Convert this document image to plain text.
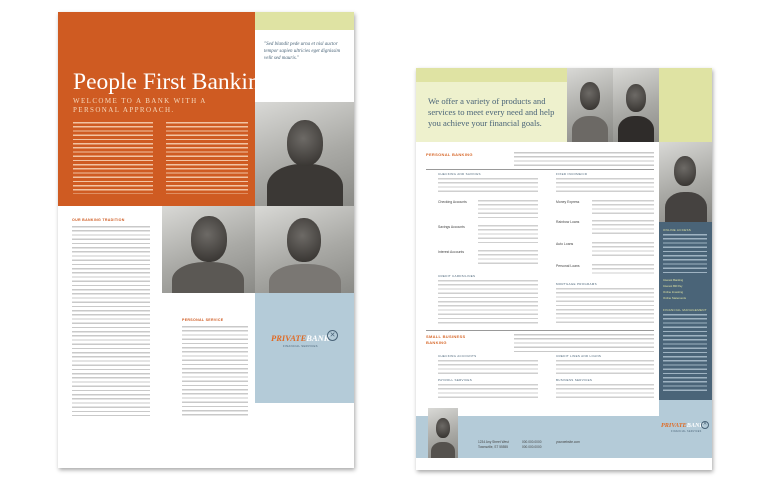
People First Banking.
WELCOME TO A BANK WITH A
PERSONAL APPROACH.
"Sed blandit pede urna et nisl auctor tempor sapien ultricies eget dignissim velit sed mauris."
OUR BANKING TRADITION
PERSONAL SERVICE
PRIVATEBANK ✕
FINANCIAL SERVICES
We offer a variety of products and
services to meet every need and help
you achieve your financial goals.
PERSONAL BANKING
CHECKING AND SAVINGS	FIXED INCOME/CD
Checking Accounts
Savings Accounts
Interest Accounts
Money Express
Rainbow Loans
Auto Loans
Personal Loans
CREDIT CARDS/LINES
MORTGAGE PROGRAMS
SMALL BUSINESS
BANKING
CHECKING ACCOUNTS	CREDIT LINES AND LOANS
PAYROLL SERVICES	BUSINESS SERVICES
ONLINE ACCESS
Interest Banking
Interest Bill Pay
Online Investing
Online Statements
FINANCIAL MANAGEMENT
1234 Any Street West
Townsville, ST 55555
000.000.0000
000.000.0000
yourwebsite.com
PRIVATEBANK ✕
FINANCIAL SERVICES
